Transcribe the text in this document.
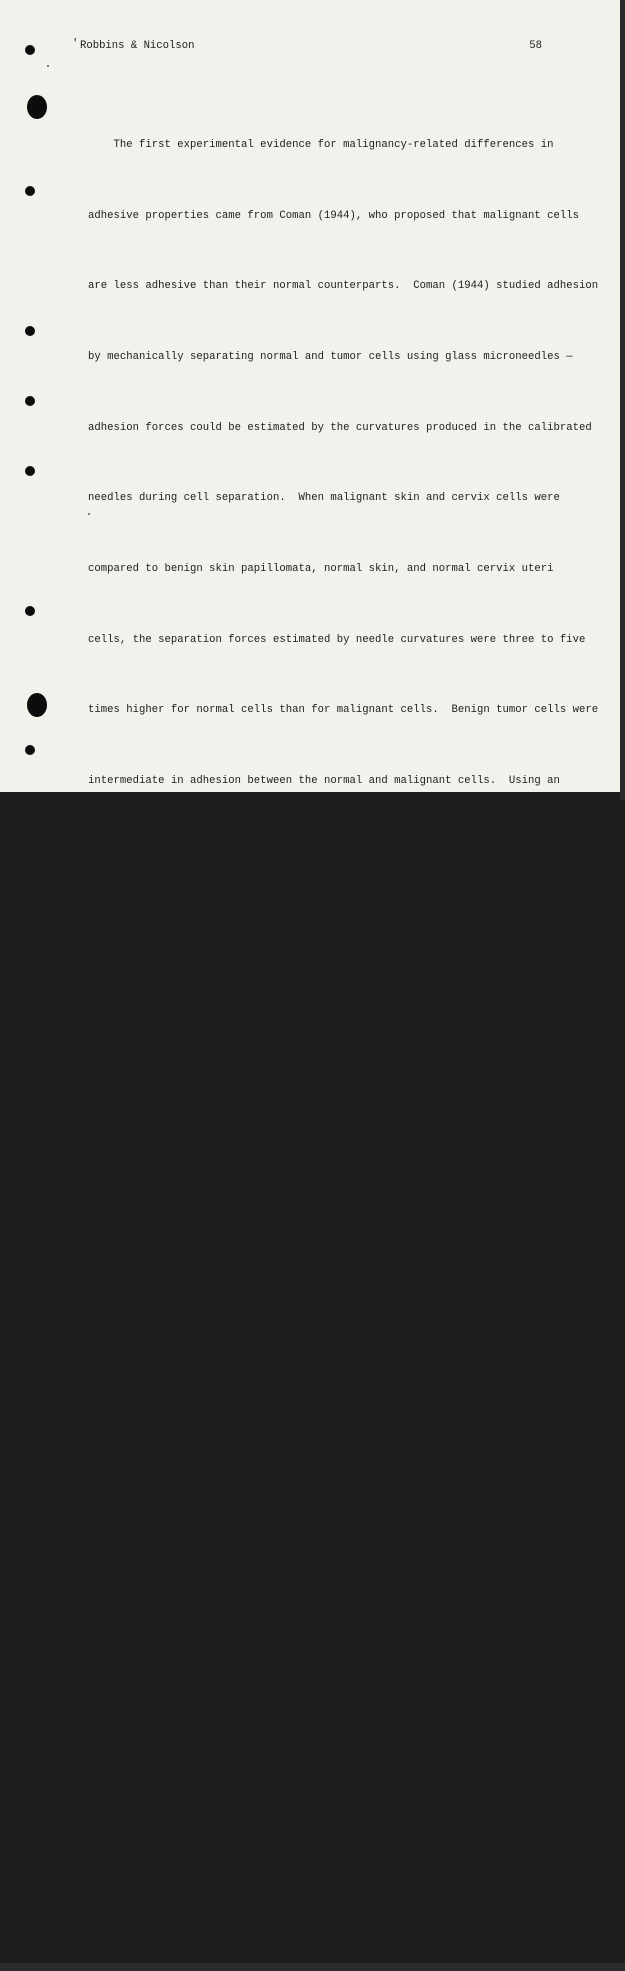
' Robbins & Nicolson	58

The first experimental evidence for malignancy-related differences in

adhesive properties came from Coman (1944), who proposed that malignant cells

are less adhesive than their normal counterparts.  Coman (1944) studied adhesion

by mechanically separating normal and tumor cells using glass microneedles —

adhesion forces could be estimated by the curvatures produced in the calibrated

needles during cell separation.  When malignant skin and cervix cells were

compared to benign skin papillomata, normal skin, and normal cervix uteri

cells, the separation forces estimated by needle curvatures were three to five

times higher for normal cells than for malignant cells.  Benign tumor cells were

intermediate in adhesion between the normal and malignant cells.  Using an

approach which measured the mechanical force required to disaggregate cells

from cell clumps suspended in physiological buffers, McCutcheon et al. (1948)

found that malignant cell masses were dispersed more easily and more quickly

than normal cell aggregates.

Dorsey and Roth (1973) have tested the decreased-adhesiveness hypothesis

with mouse fibroblasts grown in culture, using the aggregate-cell capture

assay of Roth et al. (1971).  This assay measures the number of cells in a

single-cell suspension which adhere to aggregates of the same (homotypic)

or different (heterotypic) cells circulating in the suspension.  The inter-

actions of mouse 3T3 fibroblasts and two malignant derivatives transformed

spontaneously (3T12) and by SV40 virus (SV3T3) were studied.  The aggregate-

cell capture assay showed the malignant SV3T3 cells to be more adhesive, both

homo- and heterotypically, than normal 3T3 cells, but the 3T12 malignant line

to be somewhat less adhesive than 3T3.  Nonmalignant revertants of SV3T3

resembled 3T3 cells rather than SV3T3.  However, Dorsey and Roth (1973) also

found that another assay for adhesion (Curtis and Greaves, 1965) — the loss
